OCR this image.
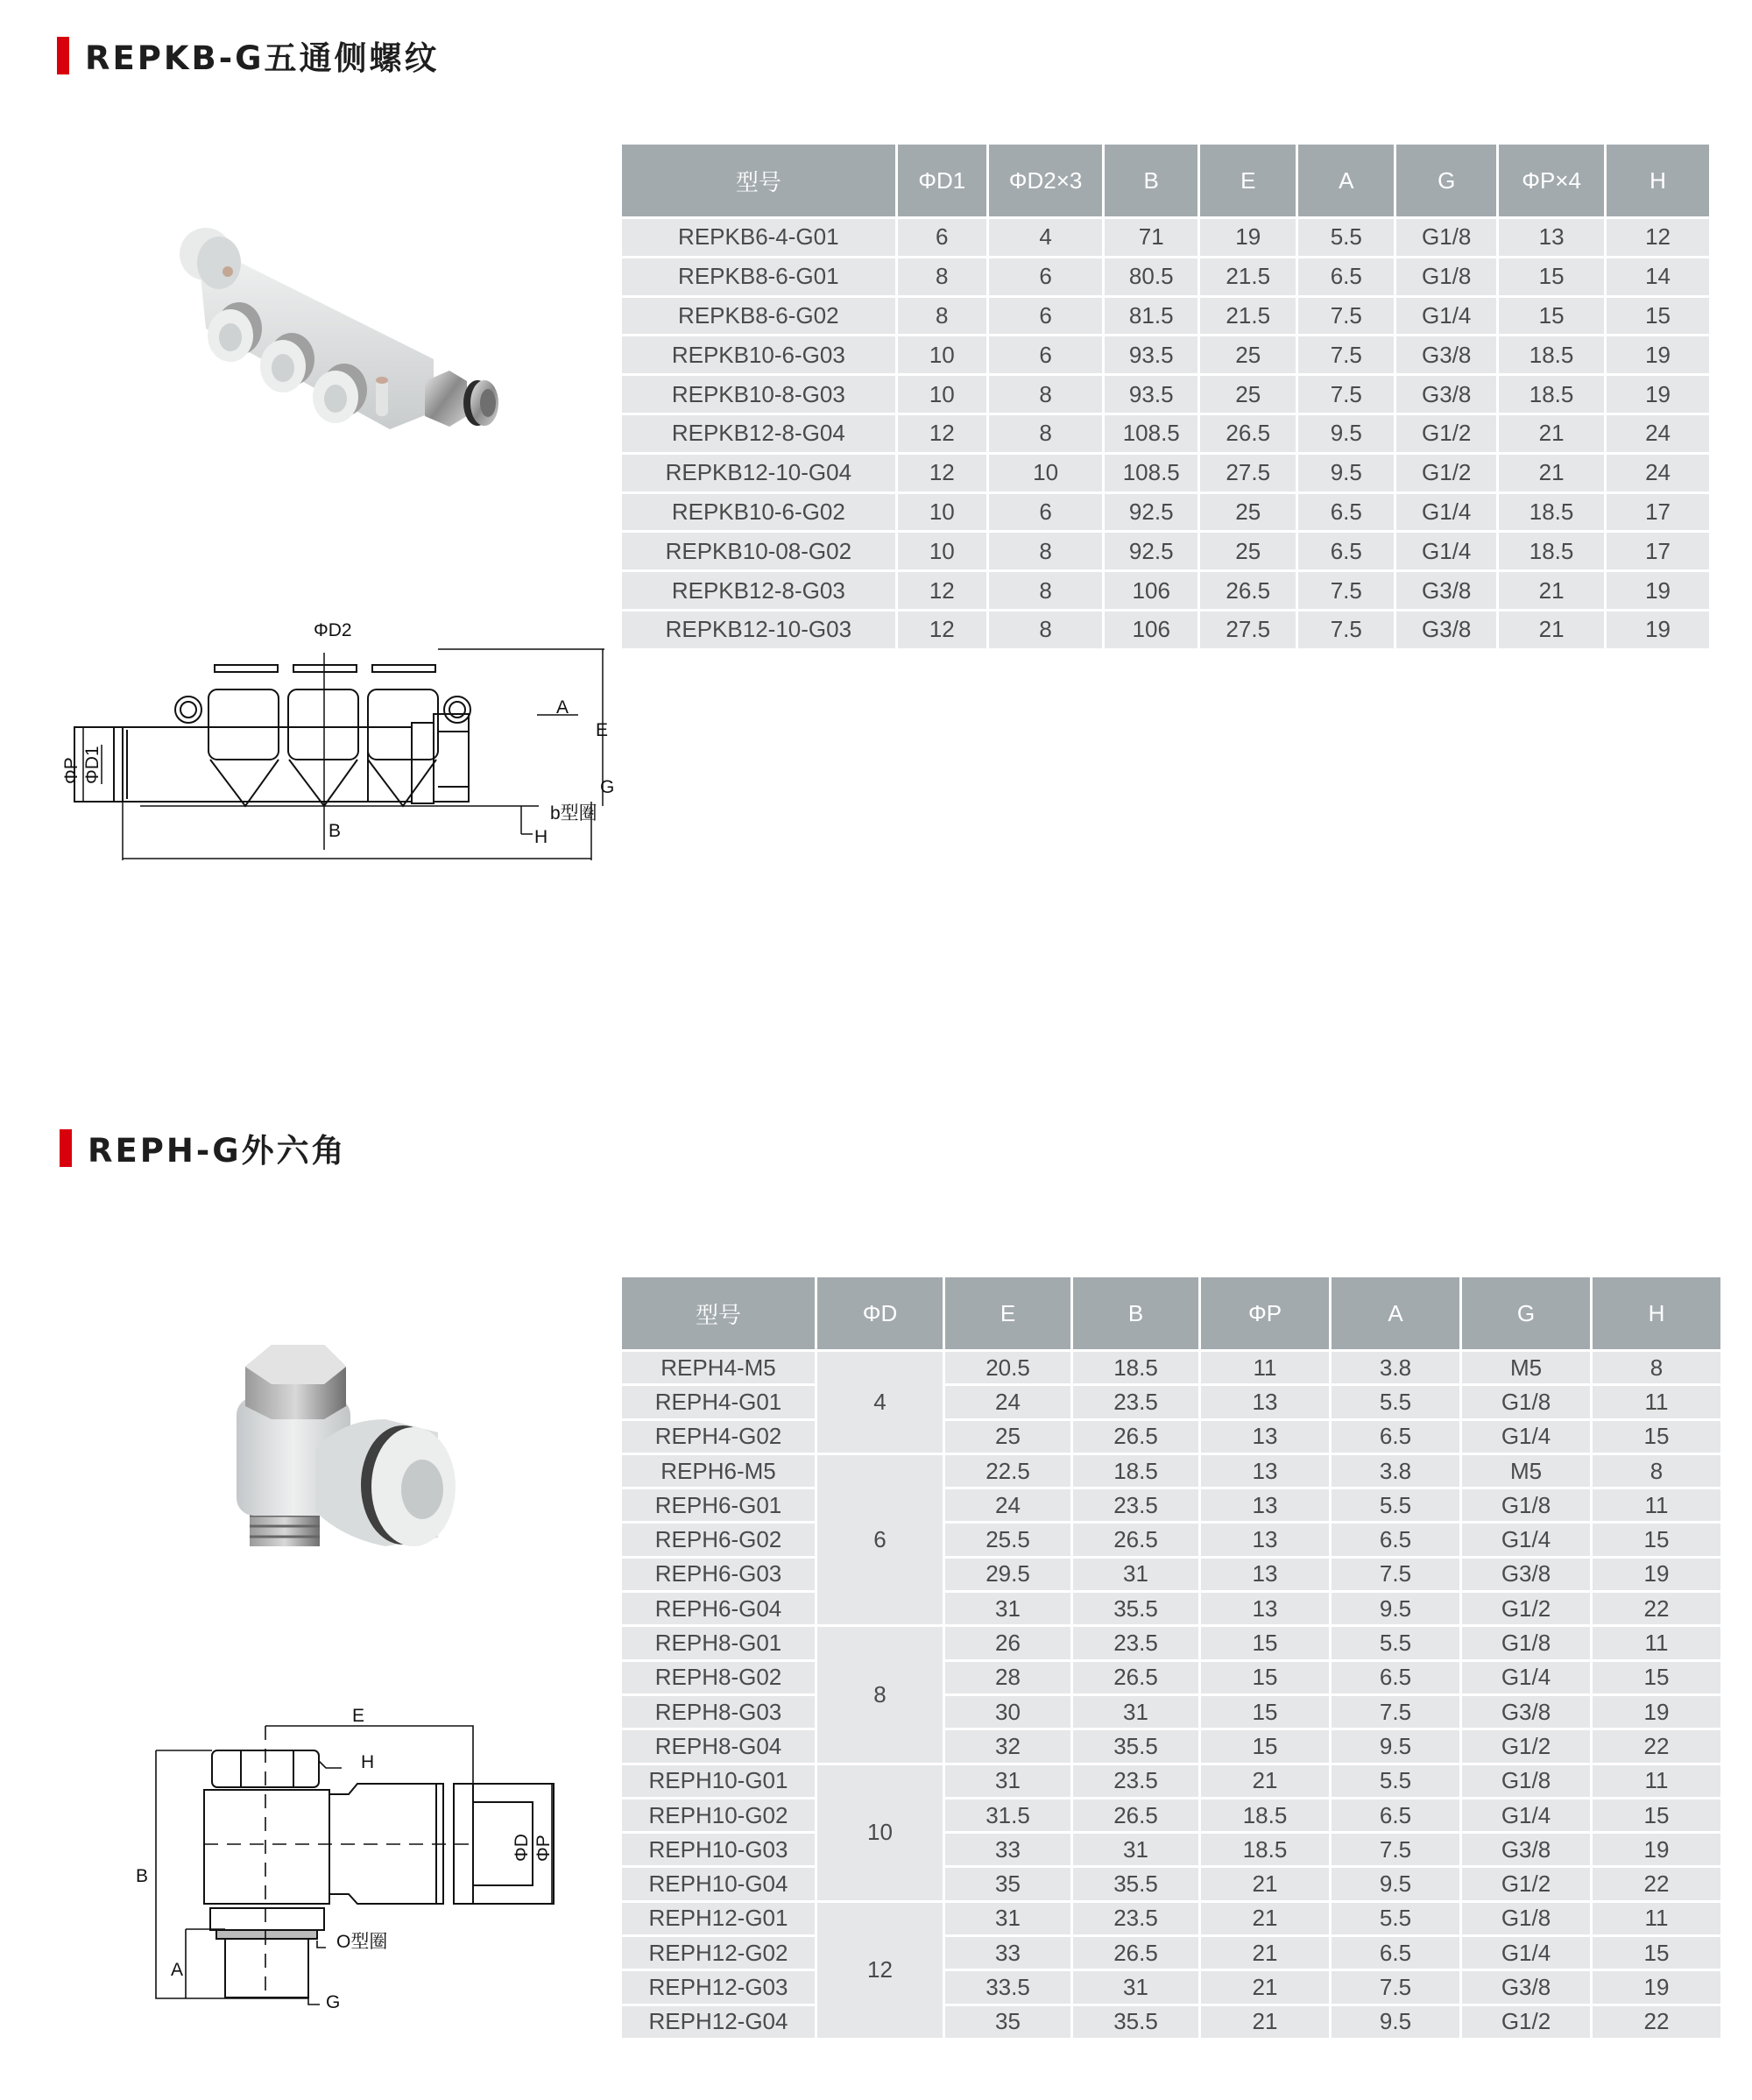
REPKB-G五通侧螺纹
ΦD2
E
A
G
b型圈
B	H
ΦP ΦD1
型号	ΦD1	ΦD2×3	B	E	A	G	ΦP×4	H
REPKB6-4-G01	6	4	71	19	5.5	G1/8	13	12
REPKB8-6-G01	8	6	80.5	21.5	6.5	G1/8	15	14
REPKB8-6-G02	8	6	81.5	21.5	7.5	G1/4	15	15
REPKB10-6-G03	10	6	93.5	25	7.5	G3/8	18.5	19
REPKB10-8-G03	10	8	93.5	25	7.5	G3/8	18.5	19
REPKB12-8-G04	12	8	108.5	26.5	9.5	G1/2	21	24
REPKB12-10-G04	12	10	108.5	27.5	9.5	G1/2	21	24
REPKB10-6-G02	10	6	92.5	25	6.5	G1/4	18.5	17
REPKB10-08-G02	10	8	92.5	25	6.5	G1/4	18.5	17
REPKB12-8-G03	12	8	106	26.5	7.5	G3/8	21	19
REPKB12-10-G03	12	8	106	27.5	7.5	G3/8	21	19
REPH-G外六角
E
H
B
O型圈
A
G
ΦD ΦP
型号	ΦD	E	B	ΦP	A	G	H
REPH4-M5	4	20.5	18.5	11	3.8	M5	8
REPH4-G01		24	23.5	13	5.5	G1/8	11
REPH4-G02		25	26.5	13	6.5	G1/4	15
REPH6-M5	6	22.5	18.5	13	3.8	M5	8
REPH6-G01		24	23.5	13	5.5	G1/8	11
REPH6-G02		25.5	26.5	13	6.5	G1/4	15
REPH6-G03		29.5	31	13	7.5	G3/8	19
REPH6-G04		31	35.5	13	9.5	G1/2	22
REPH8-G01	8	26	23.5	15	5.5	G1/8	11
REPH8-G02		28	26.5	15	6.5	G1/4	15
REPH8-G03		30	31	15	7.5	G3/8	19
REPH8-G04		32	35.5	15	9.5	G1/2	22
REPH10-G01	10	31	23.5	21	5.5	G1/8	11
REPH10-G02		31.5	26.5	18.5	6.5	G1/4	15
REPH10-G03		33	31	18.5	7.5	G3/8	19
REPH10-G04		35	35.5	21	9.5	G1/2	22
REPH12-G01	12	31	23.5	21	5.5	G1/8	11
REPH12-G02		33	26.5	21	6.5	G1/4	15
REPH12-G03		33.5	31	21	7.5	G3/8	19
REPH12-G04		35	35.5	21	9.5	G1/2	22
